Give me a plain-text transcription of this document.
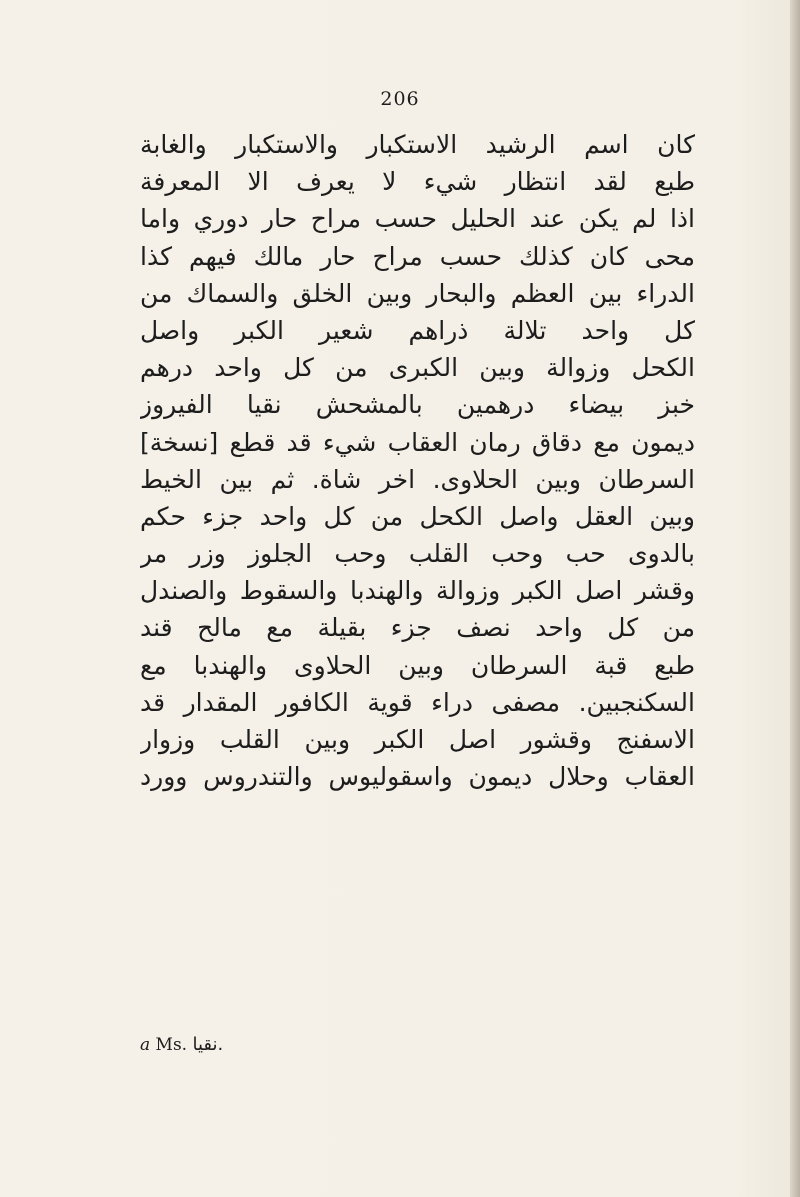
206
كان اسم الرشيد الاستكبار والاستكبار والغابة
طبع لقد انتظار شيء لا يعرف الا المعرفة
اذا لم يكن عند الحليل حسب مراح حار دوري واما
محى كان كذلك حسب مراح حار مالك فيهم كذا
الدراء بين العظم والبحار وبين الخلق والسماك من
كل واحد تلالة ذراهم شعير الكبر واصل
الكحل وزوالة وبين الكبرى من كل واحد درهم
خبز بيضاء درهمين بالمشحش نقيا الفيروز
ديمون مع دقاق رمان العقاب شيء قد قطع [نسخة]
السرطان وبين الحلاوى. اخر شاة. ثم بين الخيط
وبين العقل واصل الكحل من كل واحد جزء حكم
بالدوى حب وحب القلب وحب الجلوز وزر مر
وقشر اصل الكبر وزوالة والهندبا والسقوط والصندل
من كل واحد نصف جزء بقيلة مع مالح قند
طبع قبة السرطان وبين الحلاوى والهندبا مع
السكنجبين. مصفى دراء قوية الكافور المقدار قد
الاسفنج وقشور اصل الكبر وبين القلب وزوار
العقاب وحلال ديمون واسقوليوس والتندروس وورد
a Ms. نقيا.
